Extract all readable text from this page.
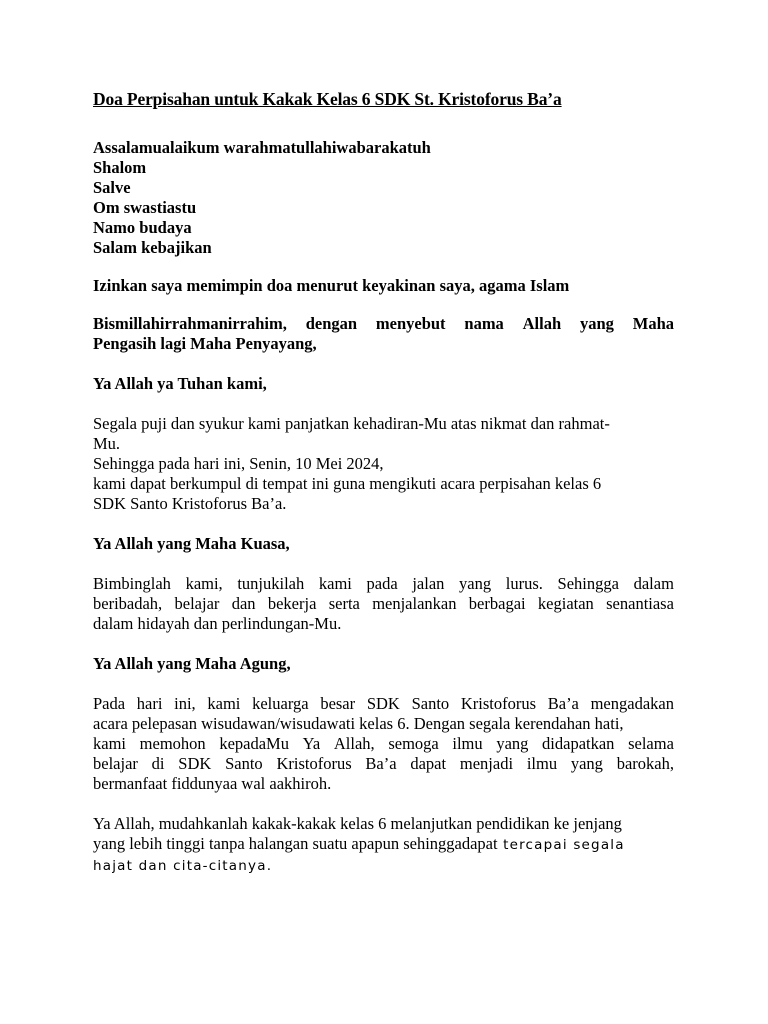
Doa Perpisahan untuk Kakak Kelas 6 SDK St. Kristoforus Ba’a
Assalamualaikum warahmatullahiwabarakatuh
Shalom
Salve
Om swastiastu
Namo budaya
Salam kebajikan
Izinkan saya memimpin doa menurut keyakinan saya, agama Islam
Bismillahirrahmanirrahim, dengan menyebut nama Allah yang Maha
Pengasih lagi Maha Penyayang,
Ya Allah ya Tuhan kami,
Segala puji dan syukur kami panjatkan kehadiran-Mu atas nikmat dan rahmat-
Mu.
Sehingga pada hari ini, Senin, 10 Mei 2024,
kami dapat berkumpul di tempat ini guna mengikuti acara perpisahan kelas 6
SDK Santo Kristoforus Ba’a.
Ya Allah yang Maha Kuasa,
Bimbinglah kami, tunjukilah kami pada jalan yang lurus. Sehingga dalam
beribadah, belajar dan bekerja serta menjalankan berbagai kegiatan senantiasa
dalam hidayah dan perlindungan-Mu.
Ya Allah yang Maha Agung,
Pada hari ini, kami keluarga besar SDK Santo Kristoforus Ba’a mengadakan
acara pelepasan wisudawan/wisudawati kelas 6. Dengan segala kerendahan hati,
kami memohon kepadaMu Ya Allah, semoga ilmu yang didapatkan selama
belajar di SDK Santo Kristoforus Ba’a dapat menjadi ilmu yang barokah,
bermanfaat fiddunyaa wal aakhiroh.
Ya Allah, mudahkanlah kakak-kakak kelas 6 melanjutkan pendidikan ke jenjang
yang lebih tinggi tanpa halangan suatu apapun sehinggadapat tercapai segala
hajat dan cita-citanya.
